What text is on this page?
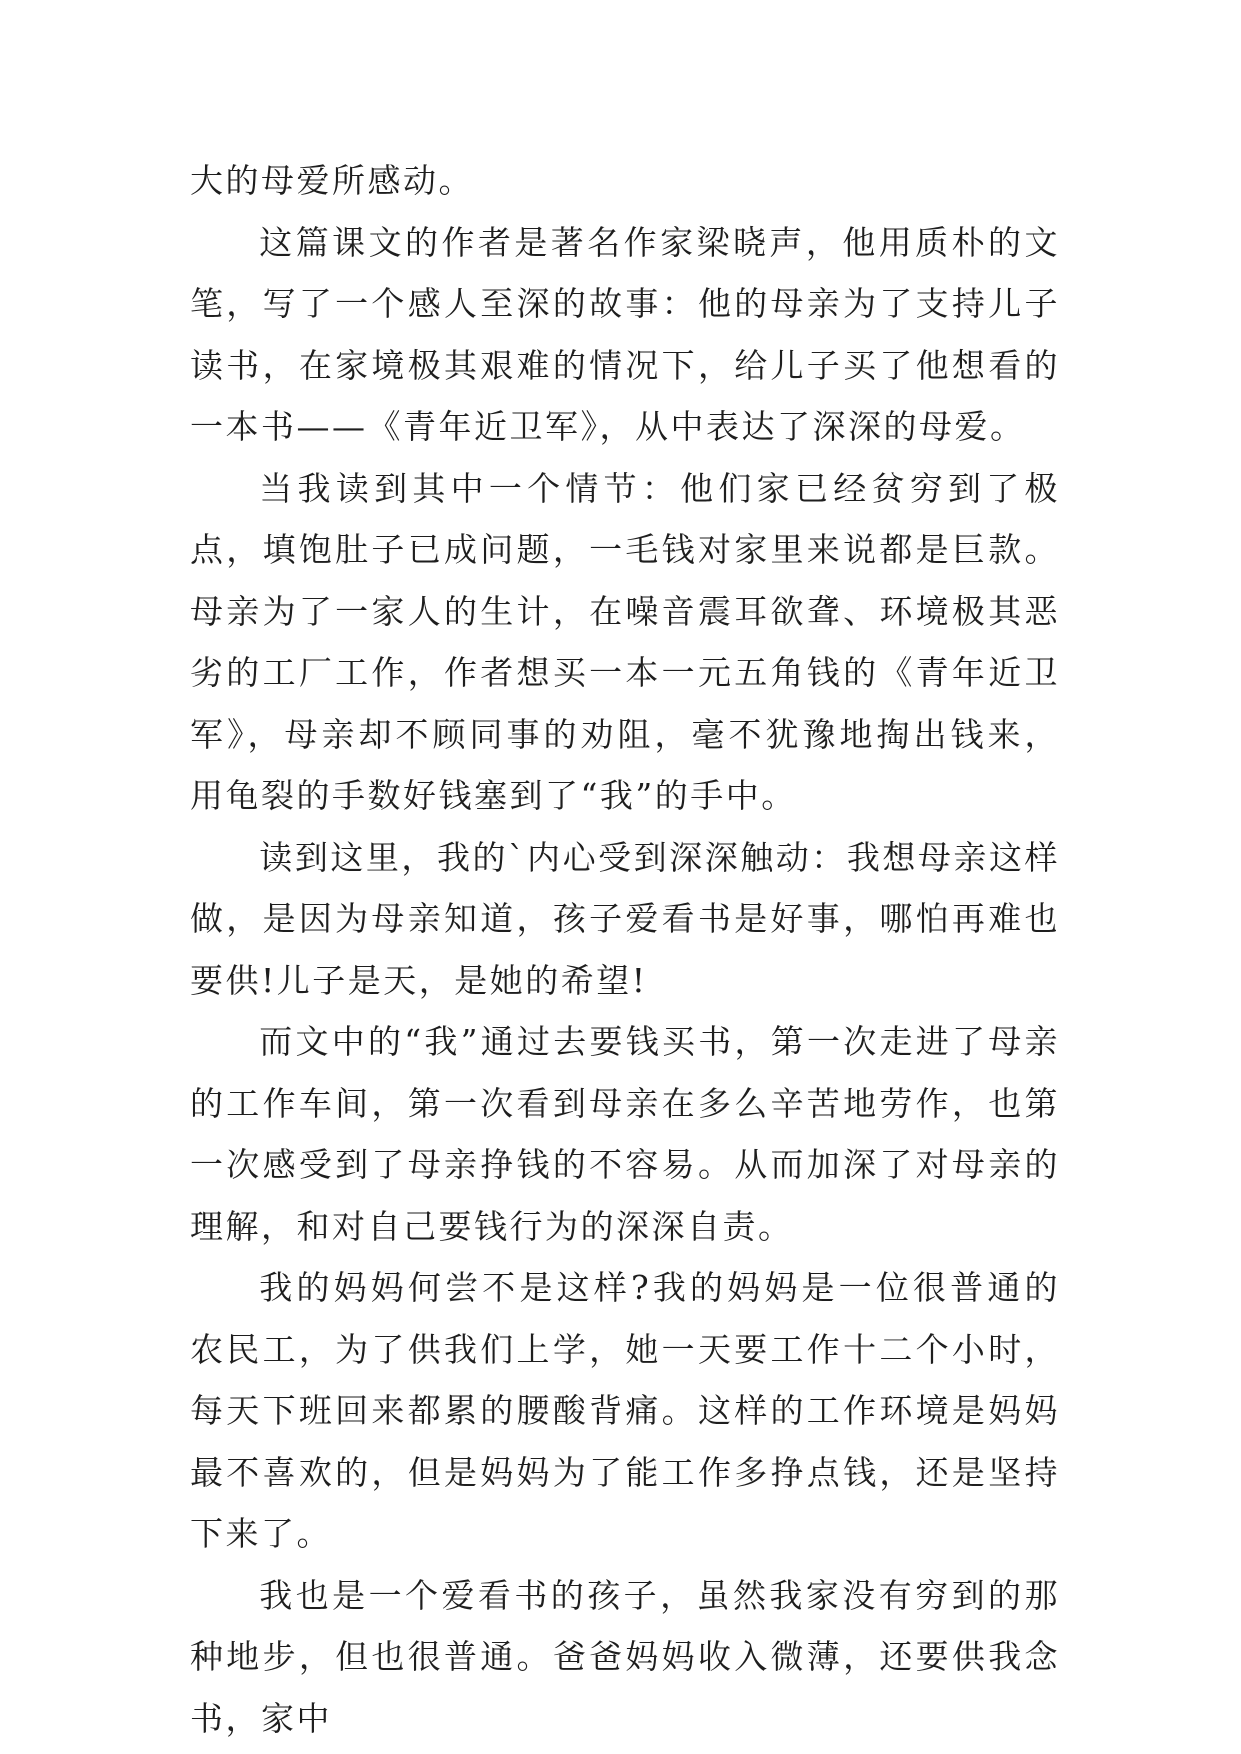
大的母爱所感动。

这篇课文的作者是著名作家梁晓声，他用质朴的文笔，写了一个感人至深的故事：他的母亲为了支持儿子读书，在家境极其艰难的情况下，给儿子买了他想看的一本书——《青年近卫军》，从中表达了深深的母爱。

当我读到其中一个情节：他们家已经贫穷到了极点，填饱肚子已成问题，一毛钱对家里来说都是巨款。母亲为了一家人的生计，在噪音震耳欲聋、环境极其恶劣的工厂工作，作者想买一本一元五角钱的《青年近卫军》，母亲却不顾同事的劝阻，毫不犹豫地掏出钱来，用龟裂的手数好钱塞到了“我”的手中。

读到这里，我的`内心受到深深触动：我想母亲这样做，是因为母亲知道，孩子爱看书是好事，哪怕再难也要供!儿子是天，是她的希望!

而文中的“我”通过去要钱买书，第一次走进了母亲的工作车间，第一次看到母亲在多么辛苦地劳作，也第一次感受到了母亲挣钱的不容易。从而加深了对母亲的理解，和对自己要钱行为的深深自责。

我的妈妈何尝不是这样?我的妈妈是一位很普通的农民工，为了供我们上学，她一天要工作十二个小时，每天下班回来都累的腰酸背痛。这样的工作环境是妈妈最不喜欢的，但是妈妈为了能工作多挣点钱，还是坚持下来了。

我也是一个爱看书的孩子，虽然我家没有穷到的那种地步，但也很普通。爸爸妈妈收入微薄，还要供我念书，家中
